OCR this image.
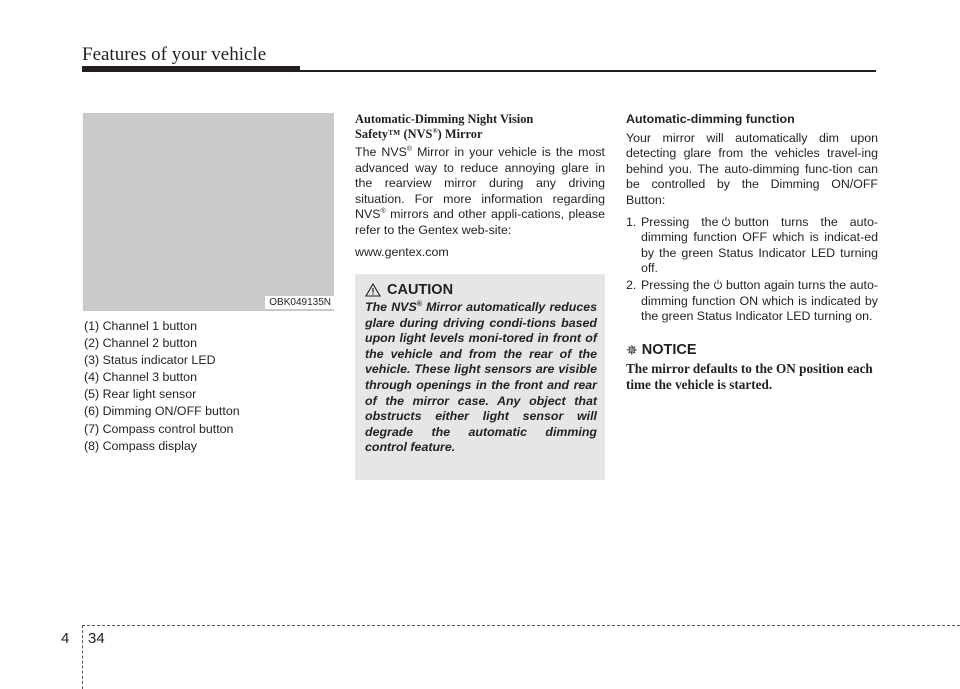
Features of your vehicle
OBK049135N
(1) Channel 1 button
(2) Channel 2 button
(3) Status indicator LED
(4) Channel 3 button
(5) Rear light sensor
(6) Dimming ON/OFF button
(7) Compass control button
(8) Compass display
Automatic-Dimming Night Vision
Safety™ (NVS®) Mirror

The NVS® Mirror in your vehicle is the most advanced way to reduce annoying glare in the rearview mirror during any driving situation. For more information regarding NVS® mirrors and other appli-cations, please refer to the Gentex web-site:

www.gentex.com

CAUTION

The NVS® Mirror automatically reduces glare during driving condi-tions based upon light levels moni-tored in front of the vehicle and from the rear of the vehicle. These light sensors are visible through openings in the front and rear of the mirror case. Any object that obstructs either light sensor will degrade the automatic dimming control feature.

Automatic-dimming function

Your mirror will automatically dim upon detecting glare from the vehicles travel-ing behind you. The auto-dimming func-tion can be controlled by the Dimming ON/OFF Button:

1. Pressing the button turns the auto-dimming function OFF which is indicat-ed by the green Status Indicator LED turning off.
2. Pressing the button again turns the auto-dimming function ON which is indicated by the green Status Indicator LED turning on.
✵ NOTICE

The mirror defaults to the ON position each time the vehicle is started.

4 34
